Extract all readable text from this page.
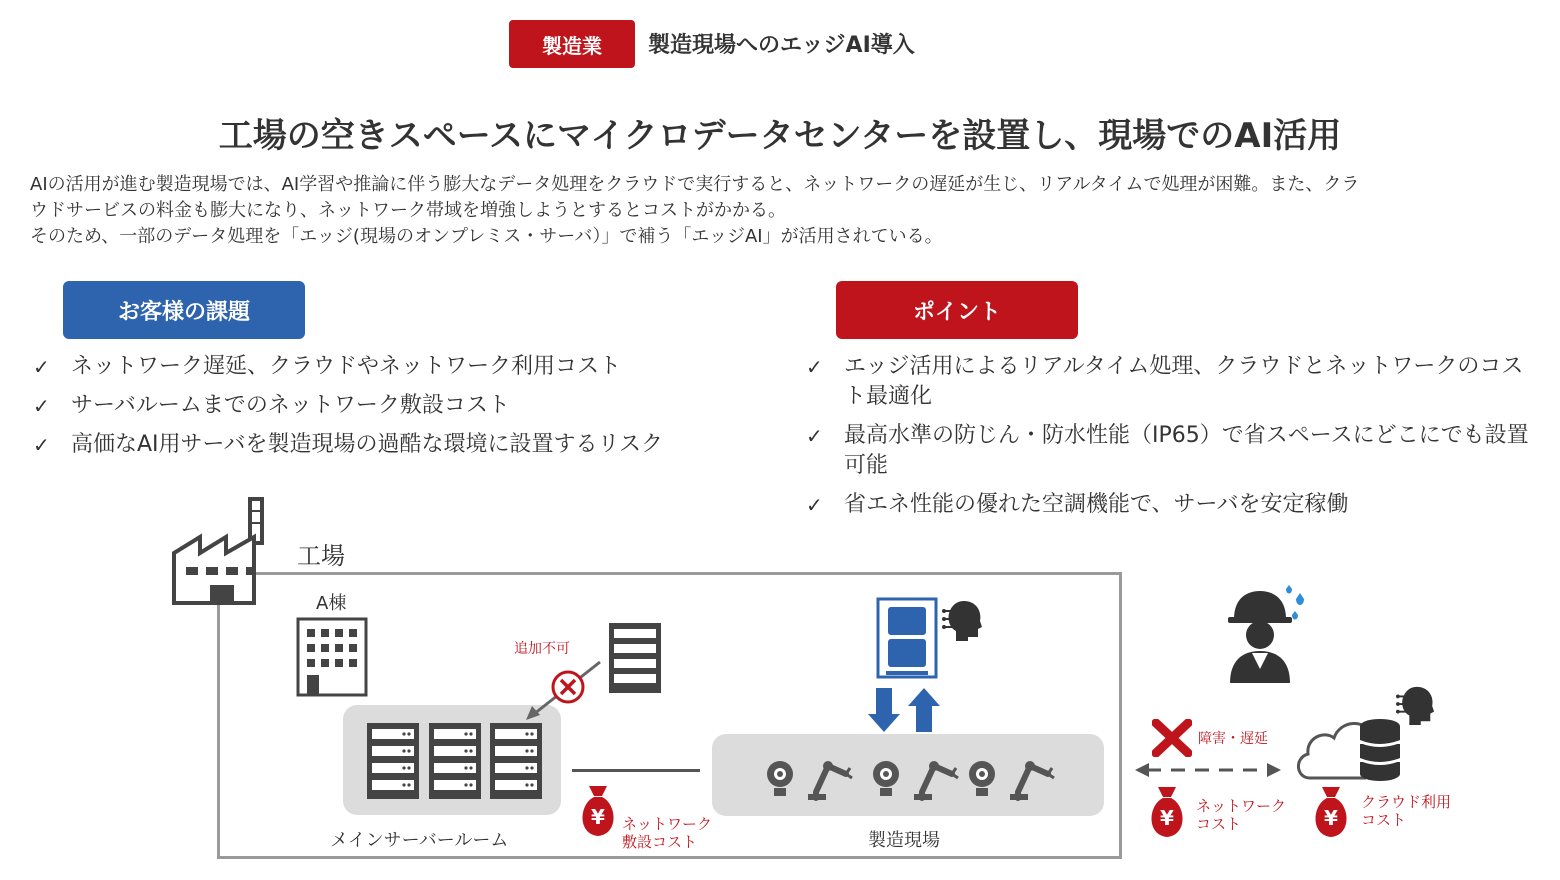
製造業	製造現場へのエッジAI導入
工場の空きスペースにマイクロデータセンターを設置し、現場でのAI活用
AIの活用が進む製造現場では、AI学習や推論に伴う膨大なデータ処理をクラウドで実行すると、ネットワークの遅延が生じ、リアルタイムで処理が困難。また、クラ
ウドサービスの料金も膨大になり、ネットワーク帯域を増強しようとするとコストがかかる。
そのため、一部のデータ処理を「エッジ(現場のオンプレミス・サーバ）」で補う「エッジAI」が活用されている。
お客様の課題
✓ ネットワーク遅延、クラウドやネットワーク利用コスト
✓ サーバルームまでのネットワーク敷設コスト
✓ 高価なAI用サーバを製造現場の過酷な環境に設置するリスク
ポイント
✓ エッジ活用によるリアルタイム処理、クラウドとネットワークのコスト最適化
✓ 最高水準の防じん・防水性能（IP65）で省スペースにどこにでも設置可能
✓ 省エネ性能の優れた空調機能で、サーバを安定稼働
工場
A棟
メインサーバールーム
追加不可
¥	ネットワーク
敷設コスト	製造現場
障害・遅延
¥	ネットワーク
コスト	¥
クラウド利用
コスト
